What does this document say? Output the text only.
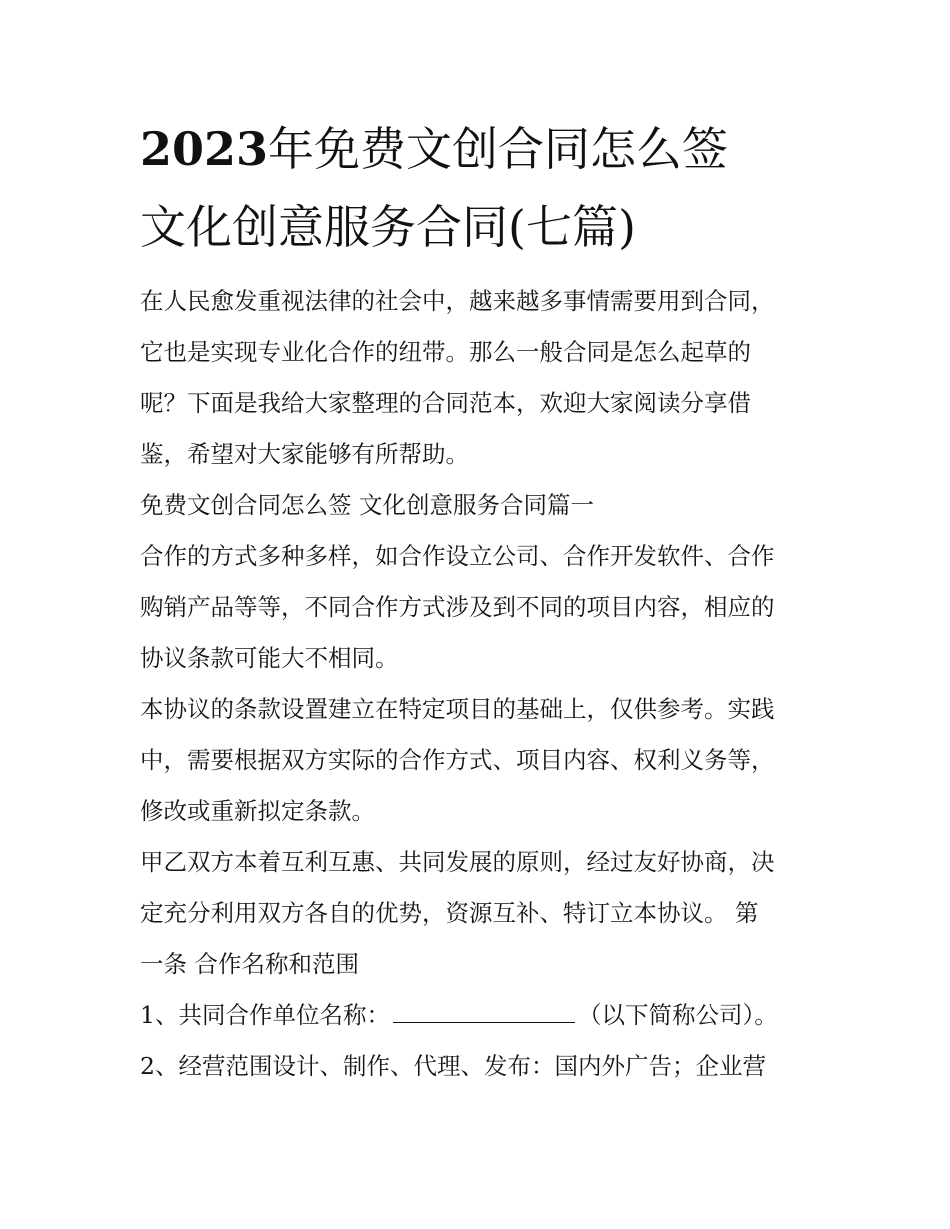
2023年免费文创合同怎么签
文化创意服务合同(七篇)

在人民愈发重视法律的社会中，越来越多事情需要用到合同，
它也是实现专业化合作的纽带。那么一般合同是怎么起草的
呢？下面是我给大家整理的合同范本，欢迎大家阅读分享借
鉴，希望对大家能够有所帮助。

免费文创合同怎么签 文化创意服务合同篇一

合作的方式多种多样，如合作设立公司、合作开发软件、合作
购销产品等等，不同合作方式涉及到不同的项目内容，相应的
协议条款可能大不相同。

本协议的条款设置建立在特定项目的基础上，仅供参考。实践
中，需要根据双方实际的合作方式、项目内容、权利义务等，
修改或重新拟定条款。

甲乙双方本着互利互惠、共同发展的原则，经过友好协商，决
定充分利用双方各自的优势，资源互补、特订立本协议。 第
一条 合作名称和范围

1、共同合作单位名称：	（以下简称公司）。

2、经营范围设计、制作、代理、发布：国内外广告；企业营
